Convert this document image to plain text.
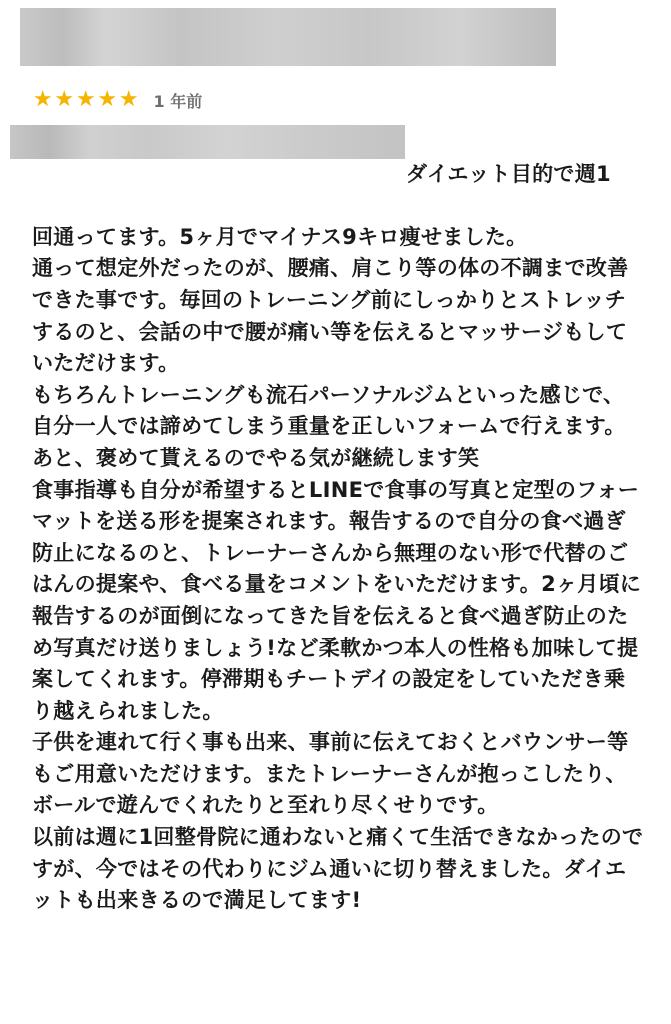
★ ★ ★ ★ ★ 1 年前

ダイエット目的で週1

回通ってます。5ヶ月でマイナス9キロ痩せました。
通って想定外だったのが、腰痛、肩こり等の体の不調まで改善できた事です。毎回のトレーニング前にしっかりとストレッチするのと、会話の中で腰が痛い等を伝えるとマッサージもしていただけます。
もちろんトレーニングも流石パーソナルジムといった感じで、自分一人では諦めてしまう重量を正しいフォームで行えます。あと、褒めて貰えるのでやる気が継続します笑
食事指導も自分が希望するとLINEで食事の写真と定型のフォーマットを送る形を提案されます。報告するので自分の食べ過ぎ防止になるのと、トレーナーさんから無理のない形で代替のごはんの提案や、食べる量をコメントをいただけます。2ヶ月頃に報告するのが面倒になってきた旨を伝えると食べ過ぎ防止のため写真だけ送りましょう!など柔軟かつ本人の性格も加味して提案してくれます。停滞期もチートデイの設定をしていただき乗り越えられました。
子供を連れて行く事も出来、事前に伝えておくとバウンサー等もご用意いただけます。またトレーナーさんが抱っこしたり、ボールで遊んでくれたりと至れり尽くせりです。
以前は週に1回整骨院に通わないと痛くて生活できなかったのですが、今ではその代わりにジム通いに切り替えました。ダイエットも出来きるので満足してます!
